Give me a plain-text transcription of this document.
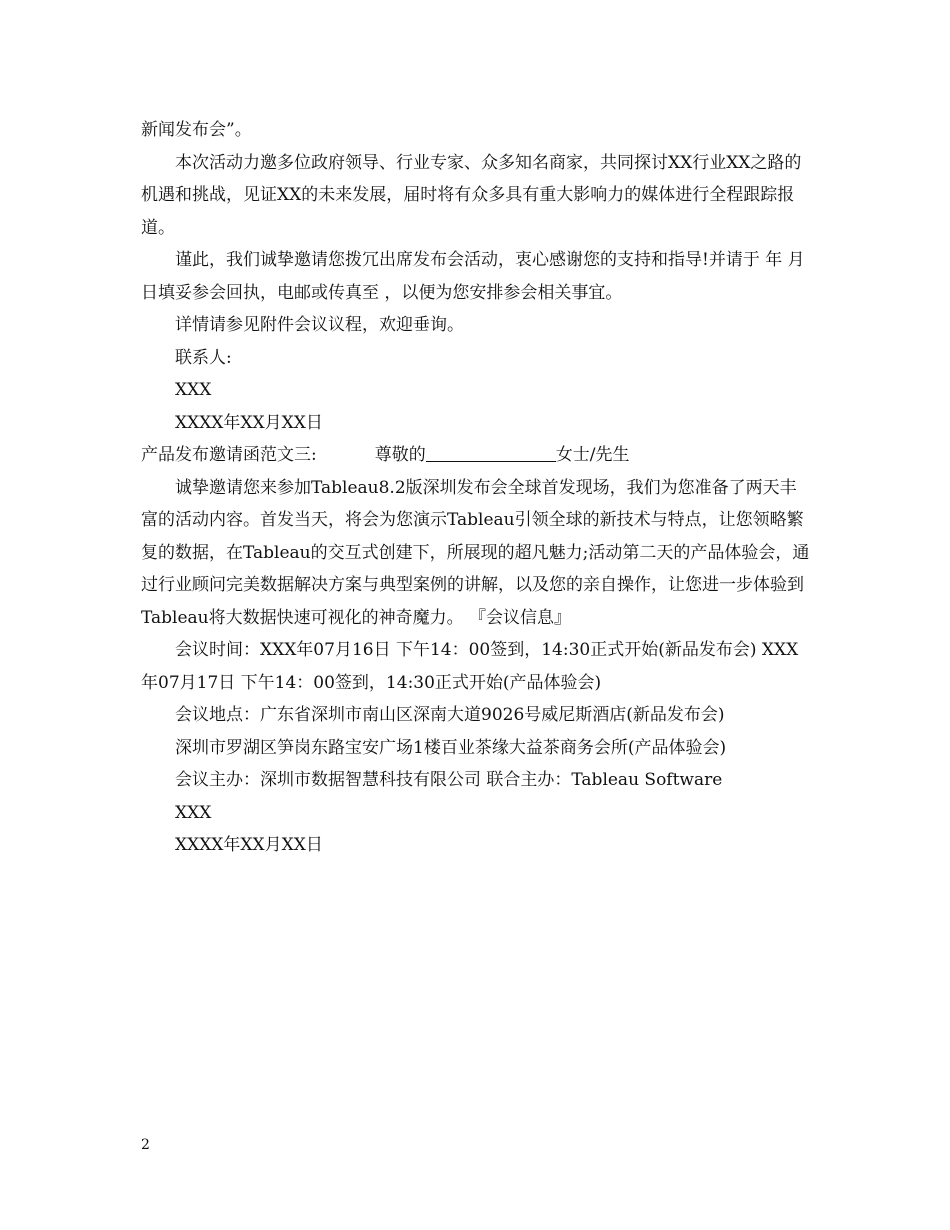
新闻发布会”。

本次活动力邀多位政府领导、行业专家、众多知名商家，共同探讨XX行业XX之路的机遇和挑战，见证XX的未来发展，届时将有众多具有重大影响力的媒体进行全程跟踪报道。

谨此，我们诚挚邀请您拨冗出席发布会活动，衷心感谢您的支持和指导!并请于 年 月 日填妥参会回执，电邮或传真至 ，以便为您安排参会相关事宜。

详情请参见附件会议议程，欢迎垂询。

联系人:

XXX

XXXX年XX月XX日

产品发布邀请函范文三:	尊敬的	女士/先生

诚挚邀请您来参加Tableau8.2版深圳发布会全球首发现场，我们为您准备了两天丰富的活动内容。首发当天，将会为您演示Tableau引领全球的新技术与特点，让您领略繁复的数据，在Tableau的交互式创建下，所展现的超凡魅力;活动第二天的产品体验会，通过行业顾问完美数据解决方案与典型案例的讲解，以及您的亲自操作，让您进一步体验到Tableau将大数据快速可视化的神奇魔力。 『会议信息』

会议时间：XXX年07月16日 下午14：00签到，14:30正式开始(新品发布会) XXX年07月17日 下午14：00签到，14:30正式开始(产品体验会)

会议地点：广东省深圳市南山区深南大道9026号威尼斯酒店(新品发布会)

深圳市罗湖区笋岗东路宝安广场1楼百业茶缘大益茶商务会所(产品体验会)

会议主办：深圳市数据智慧科技有限公司 联合主办：Tableau Software

XXX

XXXX年XX月XX日

2
